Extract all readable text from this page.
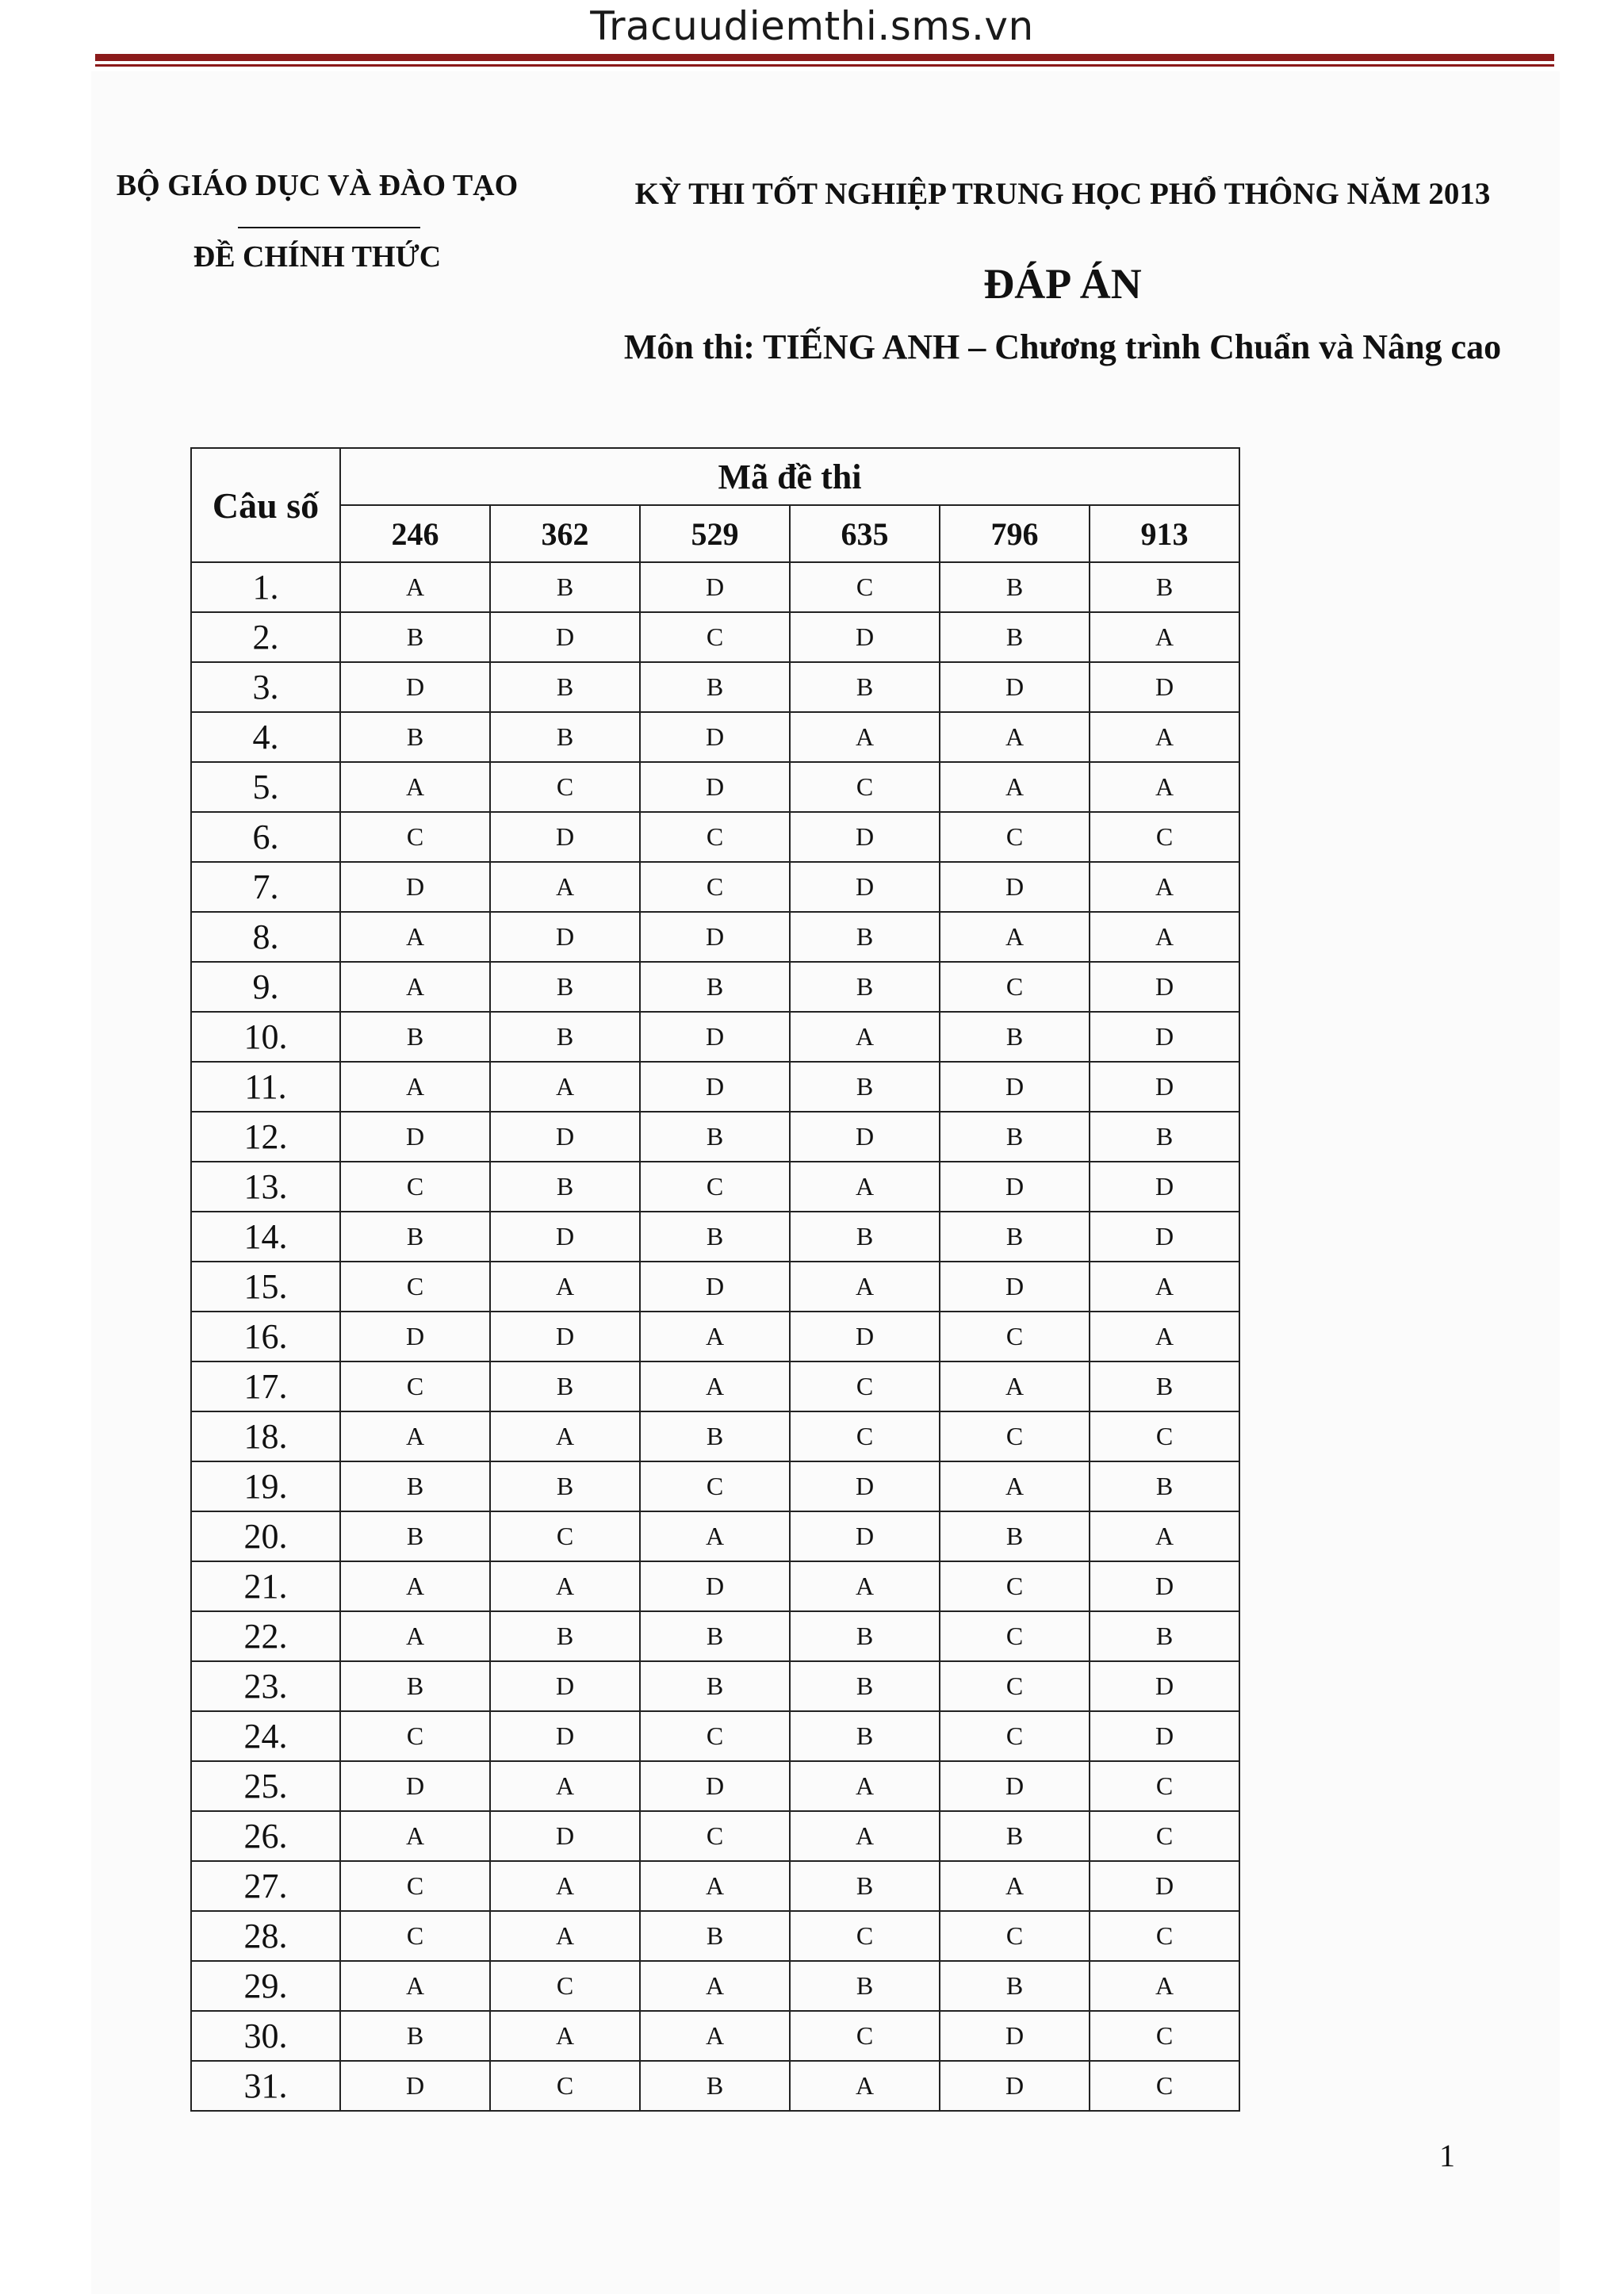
Tracuudiemthi.sms.vn
BỘ GIÁO DỤC VÀ ĐÀO TẠO
ĐỀ CHÍNH THỨC
KỲ THI TỐT NGHIỆP TRUNG HỌC PHỔ THÔNG NĂM 2013
ĐÁP ÁN
Môn thi: TIẾNG ANH – Chương trình Chuẩn và Nâng cao
Câu số	Mã đề thi					
	246	362	529	635	796	913
1.	A	B	D	C	B	B
2.	B	D	C	D	B	A
3.	D	B	B	B	D	D
4.	B	B	D	A	A	A
5.	A	C	D	C	A	A
6.	C	D	C	D	C	C
7.	D	A	C	D	D	A
8.	A	D	D	B	A	A
9.	A	B	B	B	C	D
10.	B	B	D	A	B	D
11.	A	A	D	B	D	D
12.	D	D	B	D	B	B
13.	C	B	C	A	D	D
14.	B	D	B	B	B	D
15.	C	A	D	A	D	A
16.	D	D	A	D	C	A
17.	C	B	A	C	A	B
18.	A	A	B	C	C	C
19.	B	B	C	D	A	B
20.	B	C	A	D	B	A
21.	A	A	D	A	C	D
22.	A	B	B	B	C	B
23.	B	D	B	B	C	D
24.	C	D	C	B	C	D
25.	D	A	D	A	D	C
26.	A	D	C	A	B	C
27.	C	A	A	B	A	D
28.	C	A	B	C	C	C
29.	A	C	A	B	B	A
30.	B	A	A	C	D	C
31.	D	C	B	A	D	C
1
